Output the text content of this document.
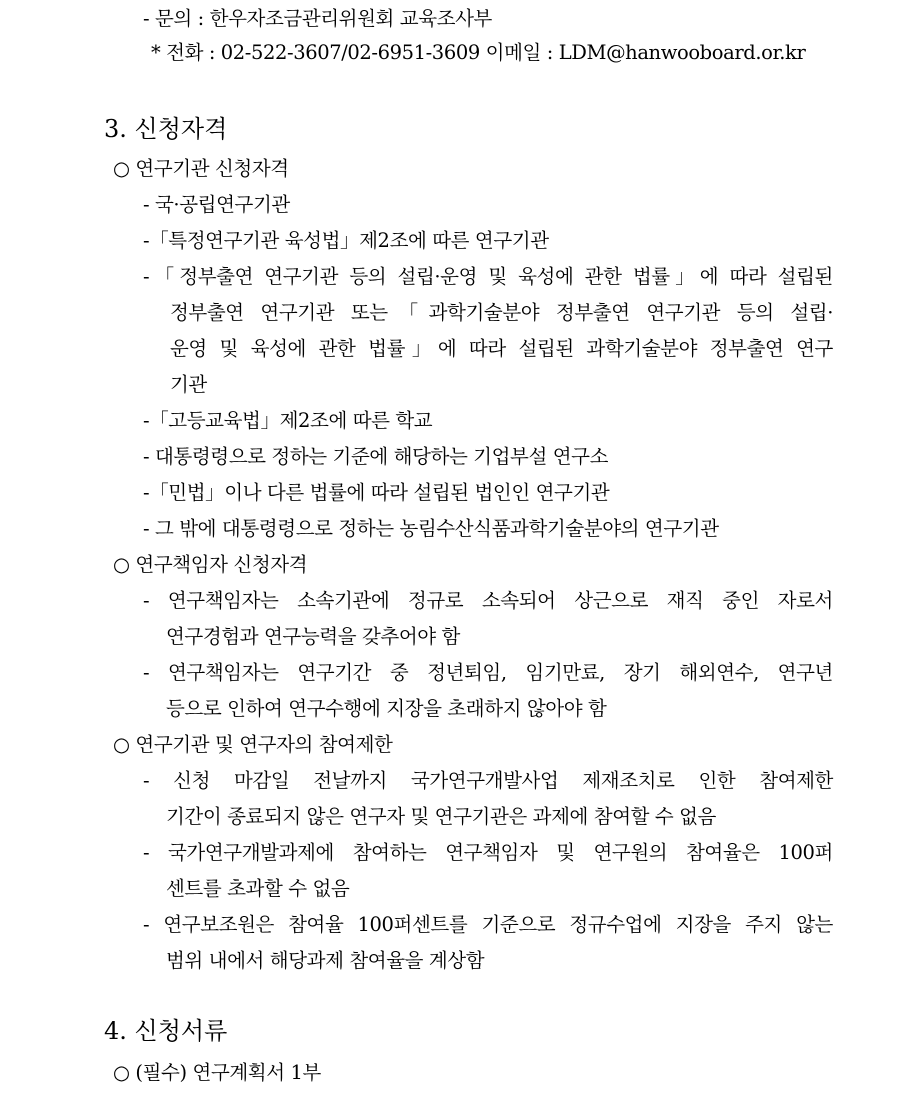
- 문의 : 한우자조금관리위원회 교육조사부
* 전화 : 02-522-3607/02-6951-3609 이메일 : LDM@hanwooboard.or.kr
3. 신청자격
○ 연구기관 신청자격
- 국·공립연구기관
-「특정연구기관 육성법」제2조에 따른 연구기관
-「정부출연 연구기관 등의 설립·운영 및 육성에 관한 법률」에 따라 설립된
정부출연 연구기관 또는「과학기술분야 정부출연 연구기관 등의 설립·
운영 및 육성에 관한 법률」에 따라 설립된 과학기술분야 정부출연 연구
기관
-「고등교육법」제2조에 따른 학교
- 대통령령으로 정하는 기준에 해당하는 기업부설 연구소
-「민법」이나 다른 법률에 따라 설립된 법인인 연구기관
- 그 밖에 대통령령으로 정하는 농림수산식품과학기술분야의 연구기관
○ 연구책임자 신청자격
- 연구책임자는 소속기관에 정규로 소속되어 상근으로 재직 중인 자로서
연구경험과 연구능력을 갖추어야 함
- 연구책임자는 연구기간 중 정년퇴임, 임기만료, 장기 해외연수, 연구년
등으로 인하여 연구수행에 지장을 초래하지 않아야 함
○ 연구기관 및 연구자의 참여제한
- 신청 마감일 전날까지 국가연구개발사업 제재조치로 인한 참여제한
기간이 종료되지 않은 연구자 및 연구기관은 과제에 참여할 수 없음
- 국가연구개발과제에 참여하는 연구책임자 및 연구원의 참여율은 100퍼
센트를 초과할 수 없음
- 연구보조원은 참여율 100퍼센트를 기준으로 정규수업에 지장을 주지 않는
범위 내에서 해당과제 참여율을 계상함
4. 신청서류
○ (필수) 연구계획서 1부
